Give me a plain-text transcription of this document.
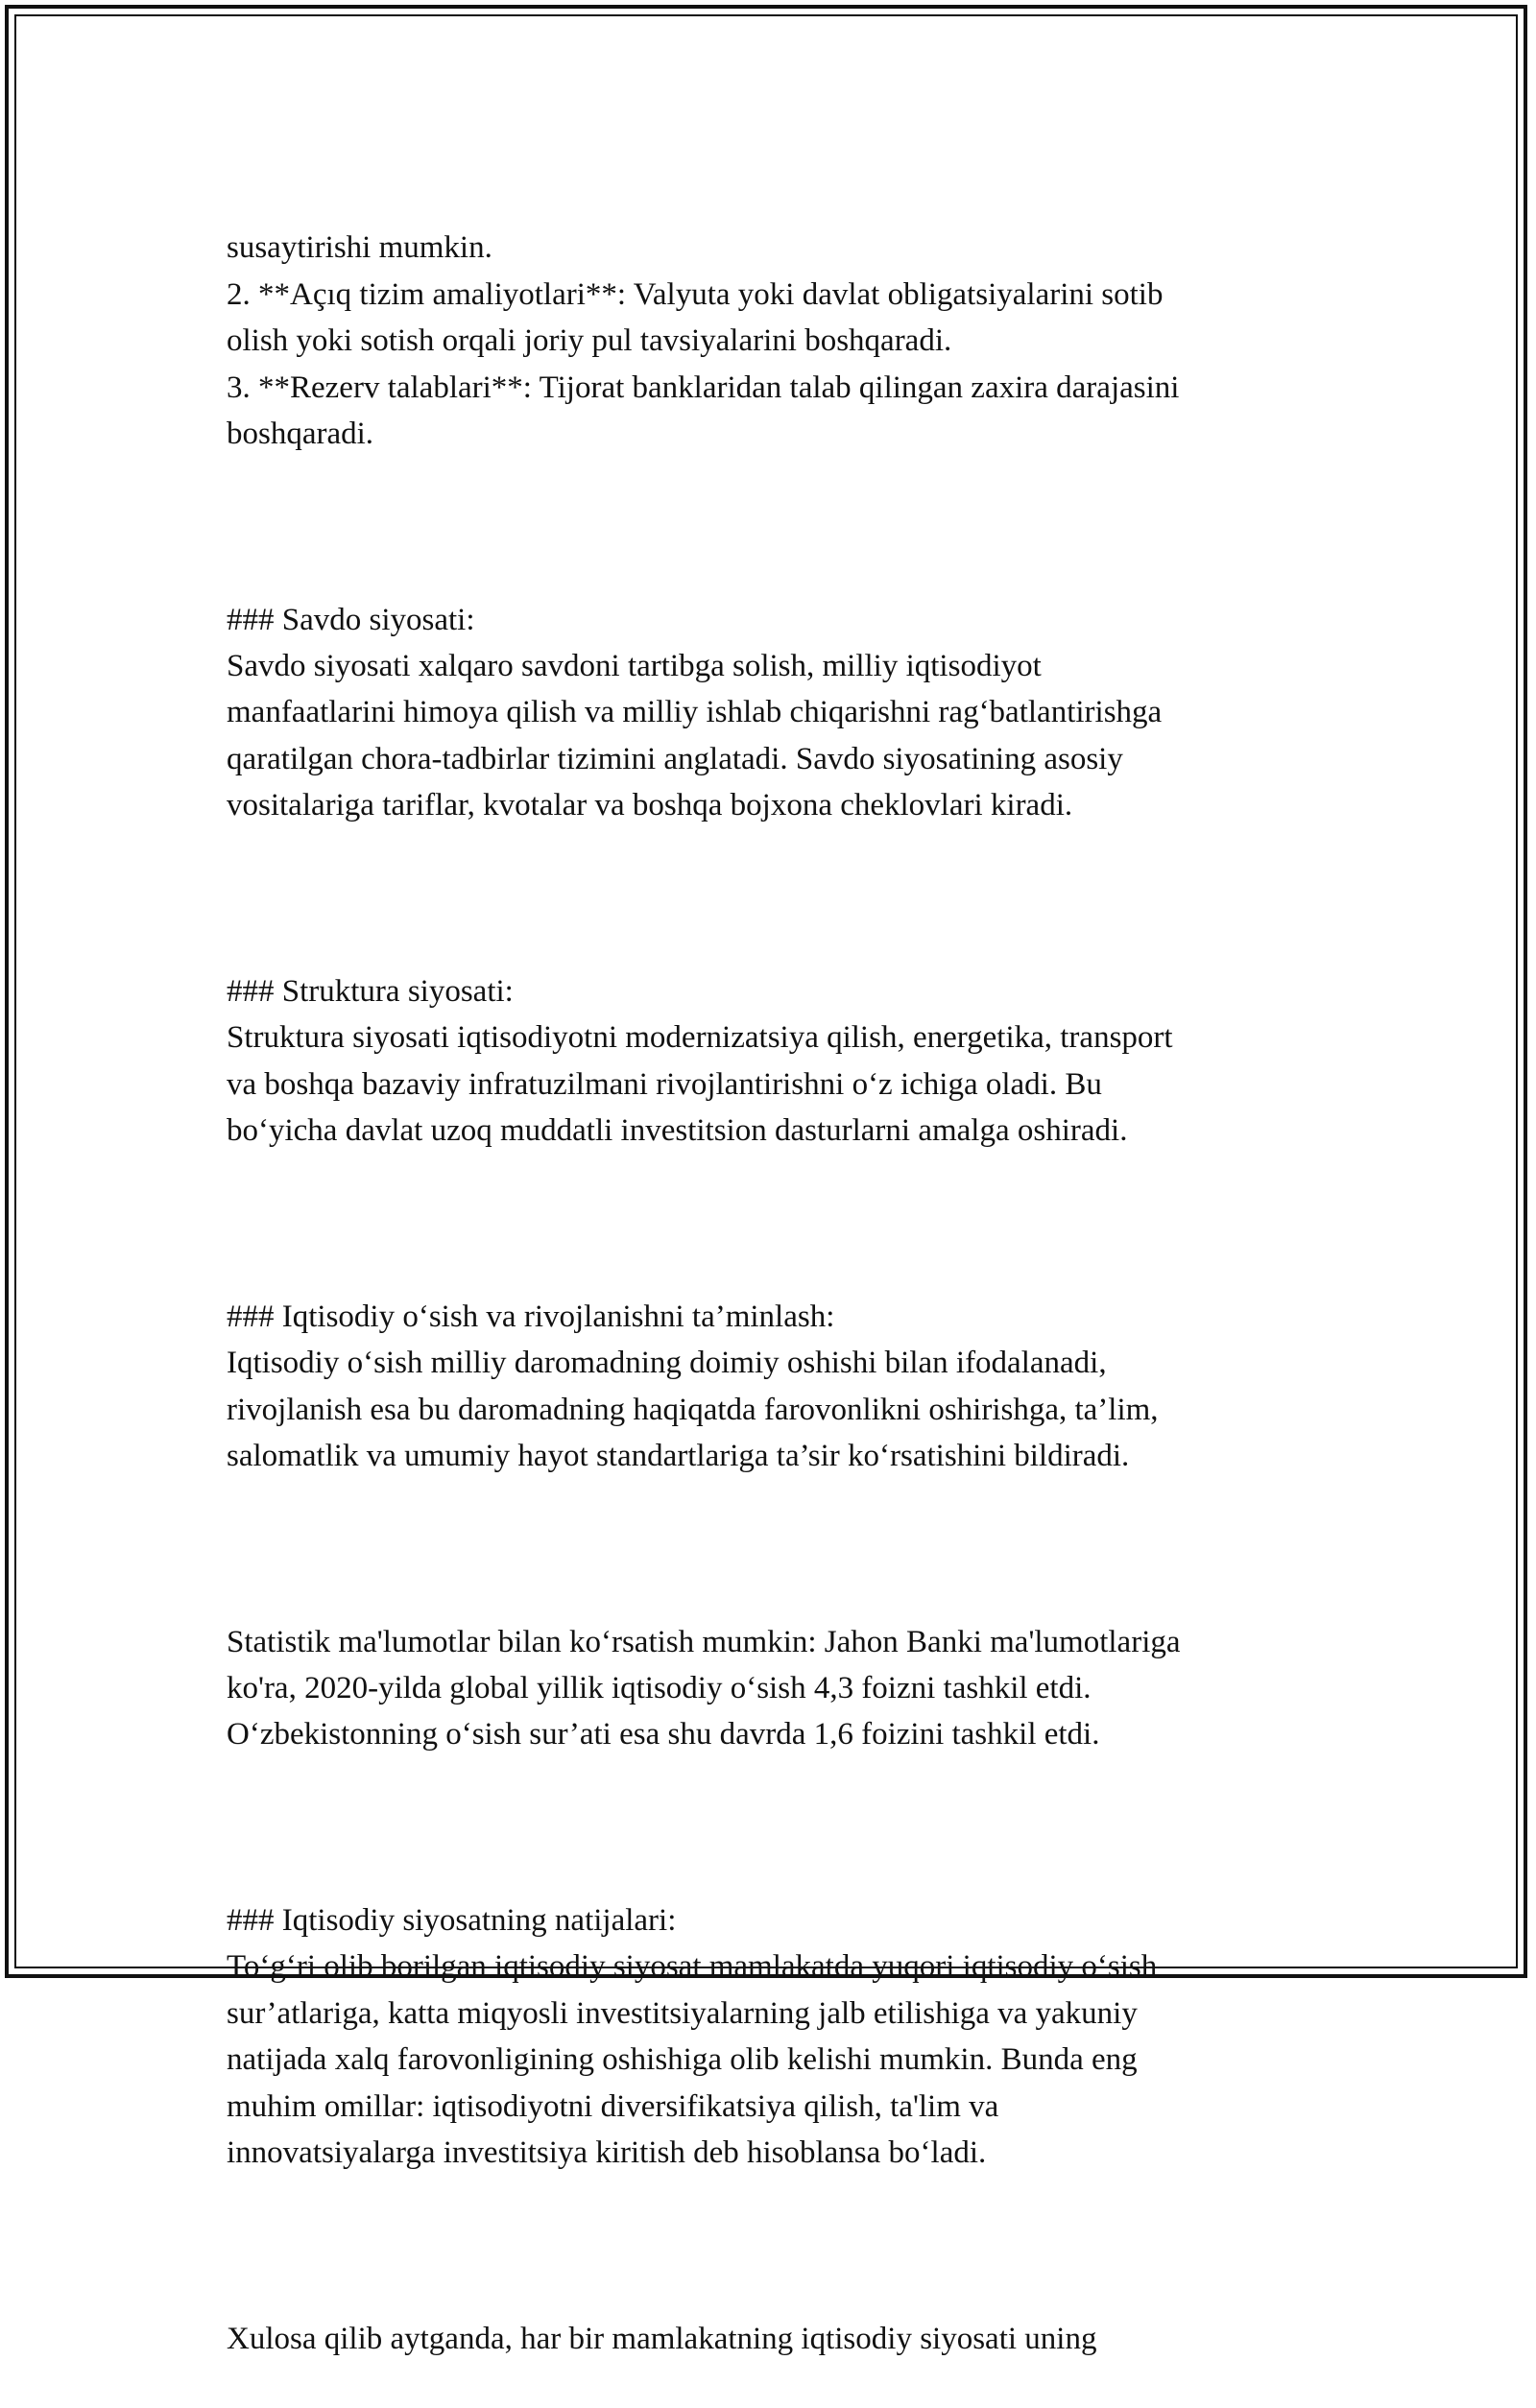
susaytirishi mumkin.
2. **Açıq tizim amaliyotlari**: Valyuta yoki davlat obligatsiyalarini sotib
olish yoki sotish orqali joriy pul tavsiyalarini boshqaradi.
3. **Rezerv talablari**: Tijorat banklaridan talab qilingan zaxira darajasini
boshqaradi.

### Savdo siyosati:
Savdo siyosati xalqaro savdoni tartibga solish, milliy iqtisodiyot
manfaatlarini himoya qilish va milliy ishlab chiqarishni rag‘batlantirishga
qaratilgan chora-tadbirlar tizimini anglatadi. Savdo siyosatining asosiy
vositalariga tariflar, kvotalar va boshqa bojxona cheklovlari kiradi.

### Struktura siyosati:
Struktura siyosati iqtisodiyotni modernizatsiya qilish, energetika, transport
va boshqa bazaviy infratuzilmani rivojlantirishni o‘z ichiga oladi. Bu
bo‘yicha davlat uzoq muddatli investitsion dasturlarni amalga oshiradi.

### Iqtisodiy o‘sish va rivojlanishni ta’minlash:
Iqtisodiy o‘sish milliy daromadning doimiy oshishi bilan ifodalanadi,
rivojlanish esa bu daromadning haqiqatda farovonlikni oshirishga, ta’lim,
salomatlik va umumiy hayot standartlariga ta’sir ko‘rsatishini bildiradi.

Statistik ma'lumotlar bilan ko‘rsatish mumkin: Jahon Banki ma'lumotlariga
ko'ra, 2020-yilda global yillik iqtisodiy o‘sish 4,3 foizni tashkil etdi.
O‘zbekistonning o‘sish sur’ati esa shu davrda 1,6 foizini tashkil etdi.

### Iqtisodiy siyosatning natijalari:
To‘g‘ri olib borilgan iqtisodiy siyosat mamlakatda yuqori iqtisodiy o‘sish
sur’atlariga, katta miqyosli investitsiyalarning jalb etilishiga va yakuniy
natijada xalq farovonligining oshishiga olib kelishi mumkin. Bunda eng
muhim omillar: iqtisodiyotni diversifikatsiya qilish, ta'lim va
innovatsiyalarga investitsiya kiritish deb hisoblansa bo‘ladi.

Xulosa qilib aytganda, har bir mamlakatning iqtisodiy siyosati uning
